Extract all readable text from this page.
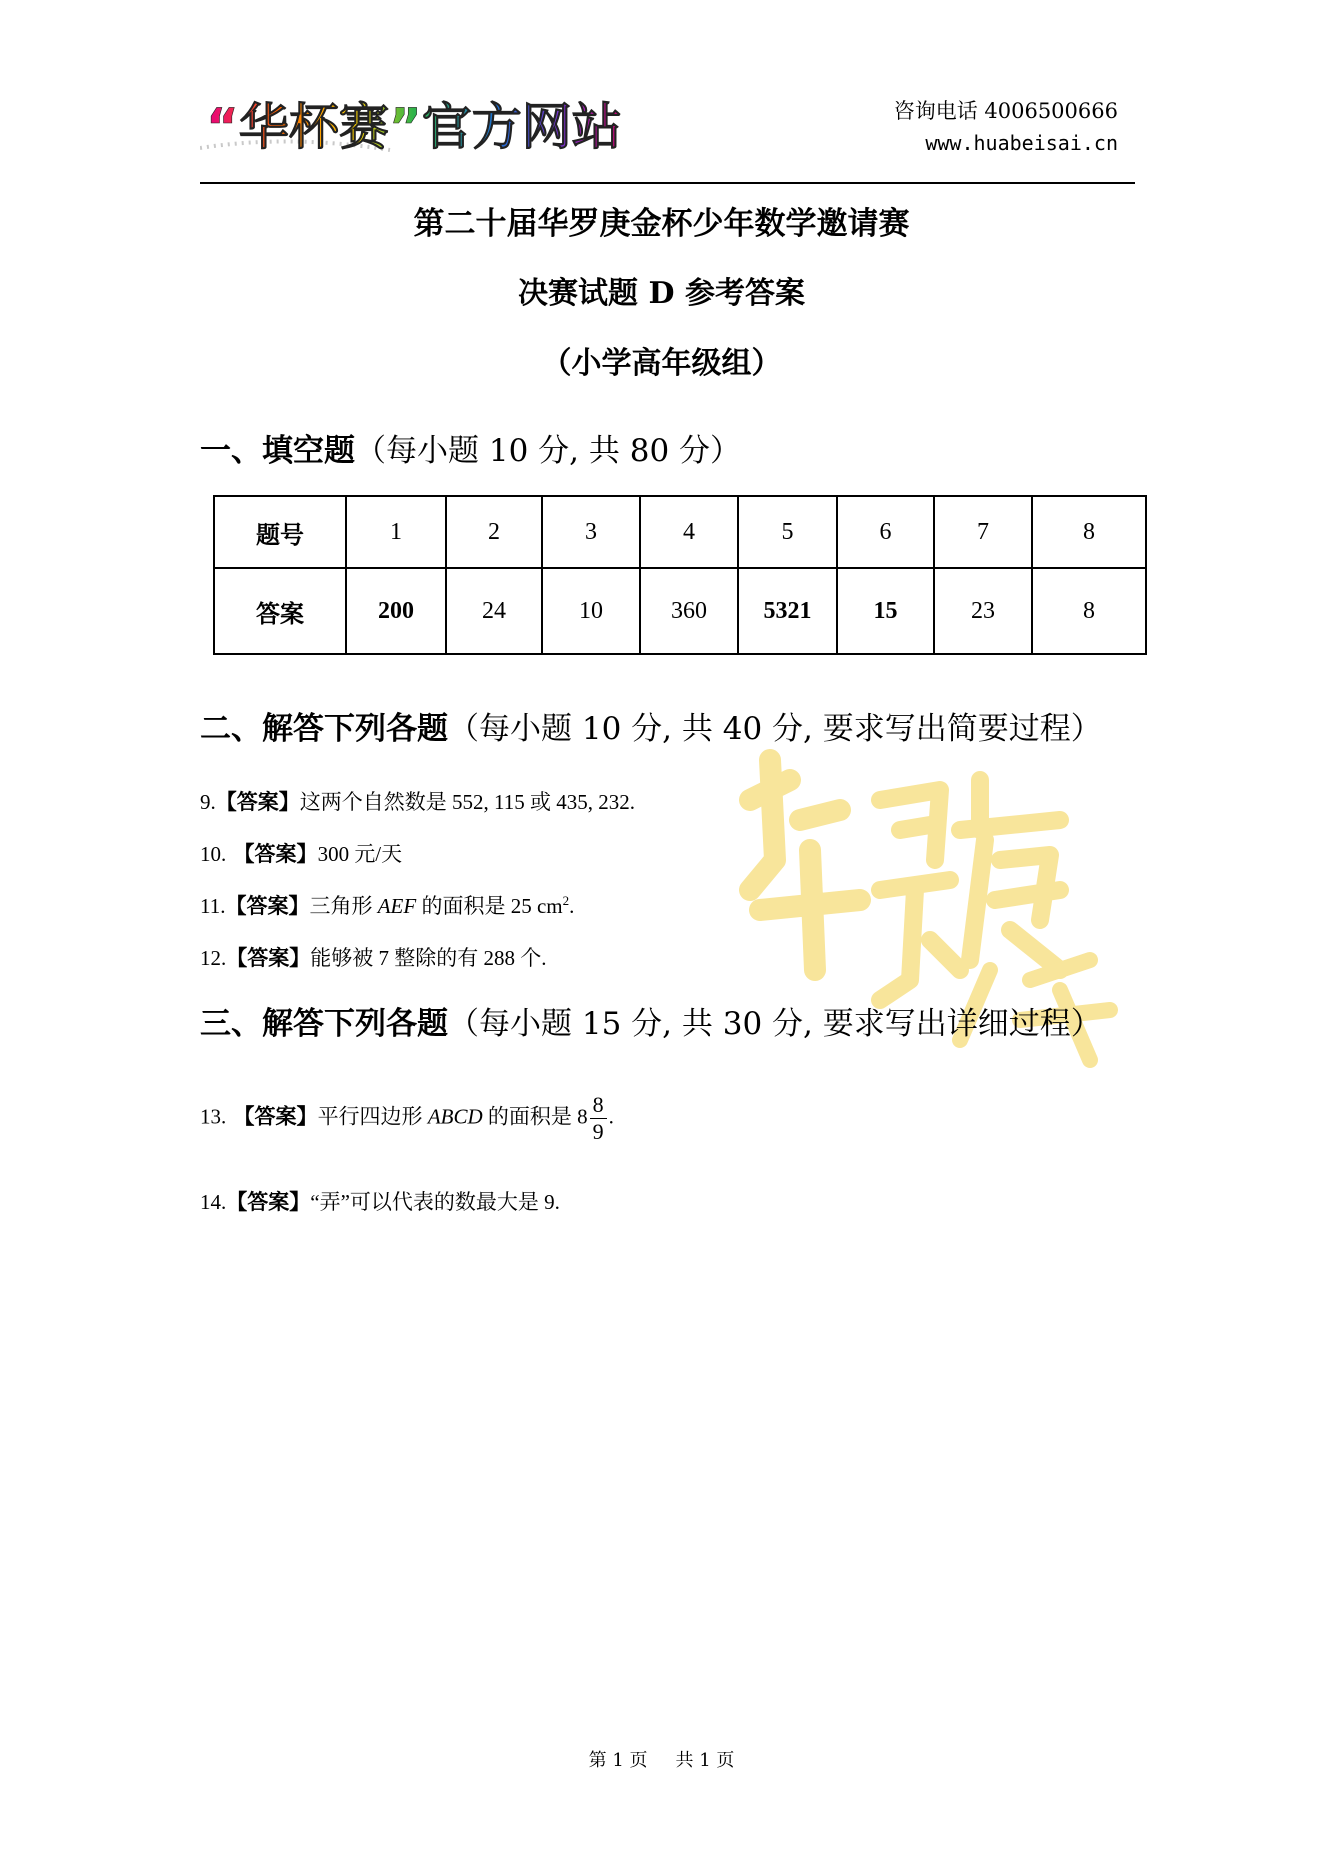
“华杯赛”官方网站	咨询电话 4006500666
www.huabeisai.cn
第二十届华罗庚金杯少年数学邀请赛
决赛试题 D 参考答案
（小学高年级组）
一、填空题（每小题 10 分, 共 80 分）
题号	1	2	3	4	5	6	7	8
答案	200	24	10	360	5321	15	23	8
二、解答下列各题（每小题 10 分, 共 40 分, 要求写出简要过程）
9.【答案】这两个自然数是 552, 115 或 435, 232.
10. 【答案】300 元/天
11.【答案】三角形 AEF 的面积是 25 $cm^2$.
12.【答案】能够被 7 整除的有 288 个.
三、解答下列各题（每小题 15 分, 共 30 分, 要求写出详细过程）
13. 【答案】平行四边形 ABCD 的面积是 $8 \frac{8}{9}$ .
14.【答案】“弄”可以代表的数最大是 9.
第 1 页 共 1 页
